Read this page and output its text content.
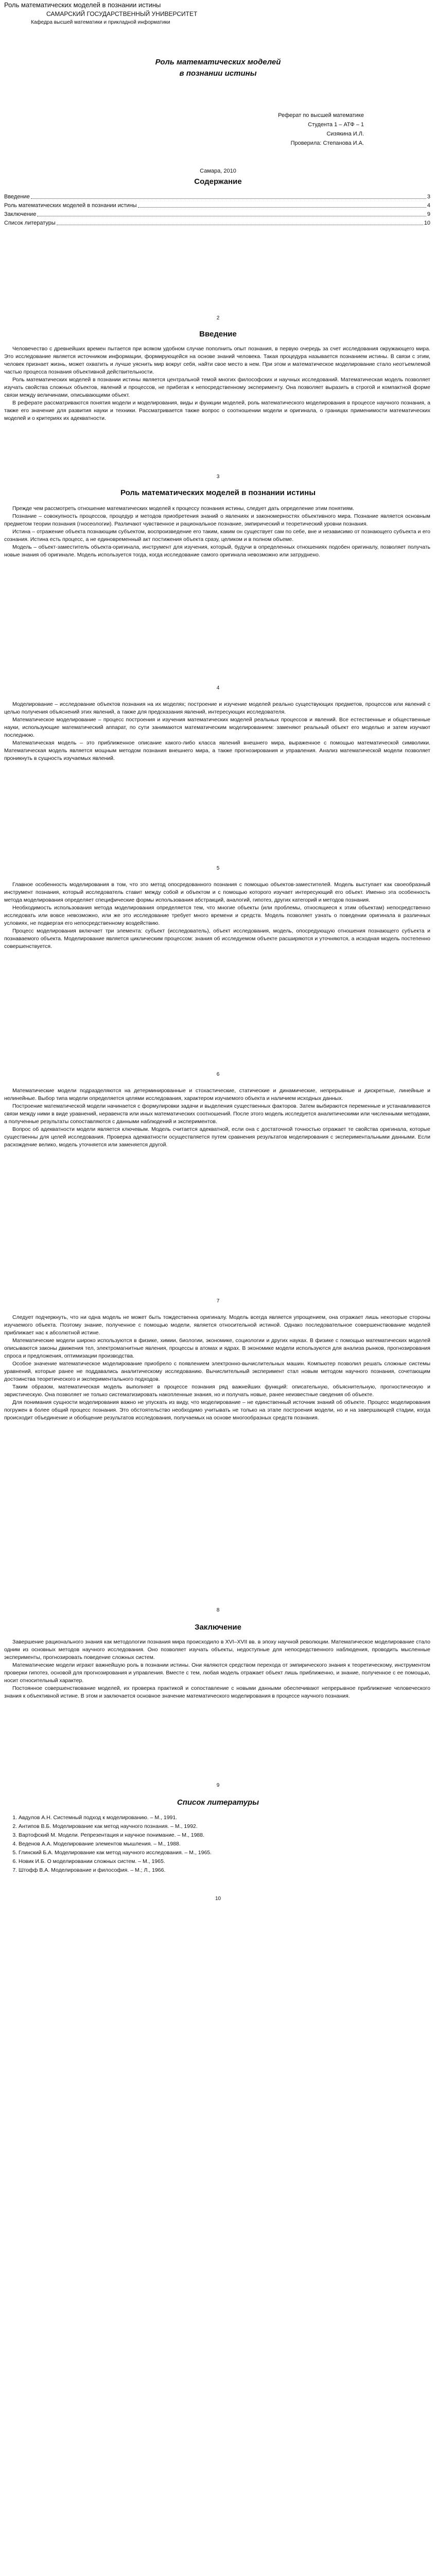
Роль математических моделей в познании истины
САМАРСКИЙ ГОСУДАРСТВЕННЫЙ УНИВЕРСИТЕТ
Кафедра высшей математики и прикладной информатики
Роль математических моделей
в познании истины
Реферат по высшей математике
Студента 1 – АТФ – 1
Сизякина И.Л.
Проверила: Степанова И.А.
Самара, 2010
Содержание
Введение	3
Роль математических моделей в познании истины	4
Заключение	9
Список литературы	10
2
Введение

Человечество с древнейших времен пытается при всяком удобном случае пополнить опыт познания, в первую очередь за счет исследования окружающего мира. Это исследование является источником информации, формирующейся на основе знаний человека. Такая процедура называется познанием истины. В связи с этим, человек признает жизнь, может охватить и лучше уяснить мир вокруг себя, найти свое место в нем. При этом и математическое моделирование стало неотъемлемой частью процесса познания объективной действительности.

Роль математических моделей в познании истины является центральной темой многих философских и научных исследований. Математическая модель позволяет изучать свойства сложных объектов, явлений и процессов, не прибегая к непосредственному эксперименту. Она позволяет выразить в строгой и компактной форме связи между величинами, описывающими объект.

В реферате рассматриваются понятия модели и моделирования, виды и функции моделей, роль математического моделирования в процессе научного познания, а также его значение для развития науки и техники. Рассматривается также вопрос о соотношении модели и оригинала, о границах применимости математических моделей и о критериях их адекватности.

3
Роль математических моделей в познании истины

Прежде чем рассмотреть отношение математических моделей к процессу познания истины, следует дать определение этим понятиям.

Познание – совокупность процессов, процедур и методов приобретения знаний о явлениях и закономерностях объективного мира. Познание является основным предметом теории познания (гносеологии). Различают чувственное и рациональное познание, эмпирический и теоретический уровни познания.

Истина – отражение объекта познающим субъектом, воспроизведение его таким, каким он существует сам по себе, вне и независимо от познающего субъекта и его сознания. Истина есть процесс, а не единовременный акт постижения объекта сразу, целиком и в полном объеме.

Модель – объект-заместитель объекта-оригинала, инструмент для изучения, который, будучи в определенных отношениях подобен оригиналу, позволяет получать новые знания об оригинале. Модель используется тогда, когда исследование самого оригинала невозможно или затруднено.

4

Моделирование – исследование объектов познания на их моделях; построение и изучение моделей реально существующих предметов, процессов или явлений с целью получения объяснений этих явлений, а также для предсказания явлений, интересующих исследователя.

Математическое моделирование – процесс построения и изучения математических моделей реальных процессов и явлений. Все естественные и общественные науки, использующие математический аппарат, по сути занимаются математическим моделированием: заменяют реальный объект его моделью и затем изучают последнюю.

Математическая модель – это приближенное описание какого-либо класса явлений внешнего мира, выраженное с помощью математической символики. Математическая модель является мощным методом познания внешнего мира, а также прогнозирования и управления. Анализ математической модели позволяет проникнуть в сущность изучаемых явлений.

5

Главное особенность моделирования в том, что это метод опосредованного познания с помощью объектов-заместителей. Модель выступает как своеобразный инструмент познания, который исследователь ставит между собой и объектом и с помощью которого изучает интересующий его объект. Именно эта особенность метода моделирования определяет специфические формы использования абстракций, аналогий, гипотез, других категорий и методов познания.

Необходимость использования метода моделирования определяется тем, что многие объекты (или проблемы, относящиеся к этим объектам) непосредственно исследовать или вовсе невозможно, или же это исследование требует много времени и средств. Модель позволяет узнать о поведении оригинала в различных условиях, не подвергая его непосредственному воздействию.

Процесс моделирования включает три элемента: субъект (исследователь), объект исследования, модель, опосредующую отношения познающего субъекта и познаваемого объекта. Моделирование является циклическим процессом: знания об исследуемом объекте расширяются и уточняются, а исходная модель постепенно совершенствуется.

6

Математические модели подразделяются на детерминированные и стохастические, статические и динамические, непрерывные и дискретные, линейные и нелинейные. Выбор типа модели определяется целями исследования, характером изучаемого объекта и наличием исходных данных.

Построение математической модели начинается с формулировки задачи и выделения существенных факторов. Затем выбираются переменные и устанавливаются связи между ними в виде уравнений, неравенств или иных математических соотношений. После этого модель исследуется аналитическими или численными методами, а полученные результаты сопоставляются с данными наблюдений и экспериментов.

Вопрос об адекватности модели является ключевым. Модель считается адекватной, если она с достаточной точностью отражает те свойства оригинала, которые существенны для целей исследования. Проверка адекватности осуществляется путем сравнения результатов моделирования с экспериментальными данными. Если расхождение велико, модель уточняется или заменяется другой.

7

Следует подчеркнуть, что ни одна модель не может быть тождественна оригиналу. Модель всегда является упрощением, она отражает лишь некоторые стороны изучаемого объекта. Поэтому знание, полученное с помощью модели, является относительной истиной. Однако последовательное совершенствование моделей приближает нас к абсолютной истине.

Математические модели широко используются в физике, химии, биологии, экономике, социологии и других науках. В физике с помощью математических моделей описываются законы движения тел, электромагнитные явления, процессы в атомах и ядрах. В экономике модели используются для анализа рынков, прогнозирования спроса и предложения, оптимизации производства.

Особое значение математическое моделирование приобрело с появлением электронно-вычислительных машин. Компьютер позволил решать сложные системы уравнений, которые ранее не поддавались аналитическому исследованию. Вычислительный эксперимент стал новым методом научного познания, сочетающим достоинства теоретического и экспериментального подходов.

Таким образом, математическая модель выполняет в процессе познания ряд важнейших функций: описательную, объяснительную, прогностическую и эвристическую. Она позволяет не только систематизировать накопленные знания, но и получать новые, ранее неизвестные сведения об объекте.

Для понимания сущности моделирования важно не упускать из виду, что моделирование – не единственный источник знаний об объекте. Процесс моделирования погружен в более общий процесс познания. Это обстоятельство необходимо учитывать не только на этапе построения модели, но и на завершающей стадии, когда происходит объединение и обобщение результатов исследования, получаемых на основе многообразных средств познания.

8
Заключение

Завершение рационального знания как методологии познания мира происходило в XVI–XVII вв. в эпоху научной революции. Математическое моделирование стало одним из основных методов научного исследования. Оно позволяет изучать объекты, недоступные для непосредственного наблюдения, проводить мысленные эксперименты, прогнозировать поведение сложных систем.

Математические модели играют важнейшую роль в познании истины. Они являются средством перехода от эмпирического знания к теоретическому, инструментом проверки гипотез, основой для прогнозирования и управления. Вместе с тем, любая модель отражает объект лишь приближенно, и знание, полученное с ее помощью, носит относительный характер.

Постоянное совершенствование моделей, их проверка практикой и сопоставление с новыми данными обеспечивают непрерывное приближение человеческого знания к объективной истине. В этом и заключается основное значение математического моделирования в процессе научного познания.

9
Список литературы
1. Авдулов А.Н. Системный подход к моделированию. – М., 1991.
2. Антипов В.Б. Моделирование как метод научного познания. – М., 1992.
3. Вартофский М. Модели. Репрезентация и научное понимание. – М., 1988.
4. Веденов А.А. Моделирование элементов мышления. – М., 1988.
5. Глинский Б.А. Моделирование как метод научного исследования. – М., 1965.
6. Новик И.Б. О моделировании сложных систем. – М., 1965.
7. Штофф В.А. Моделирование и философия. – М.; Л., 1966.
10
